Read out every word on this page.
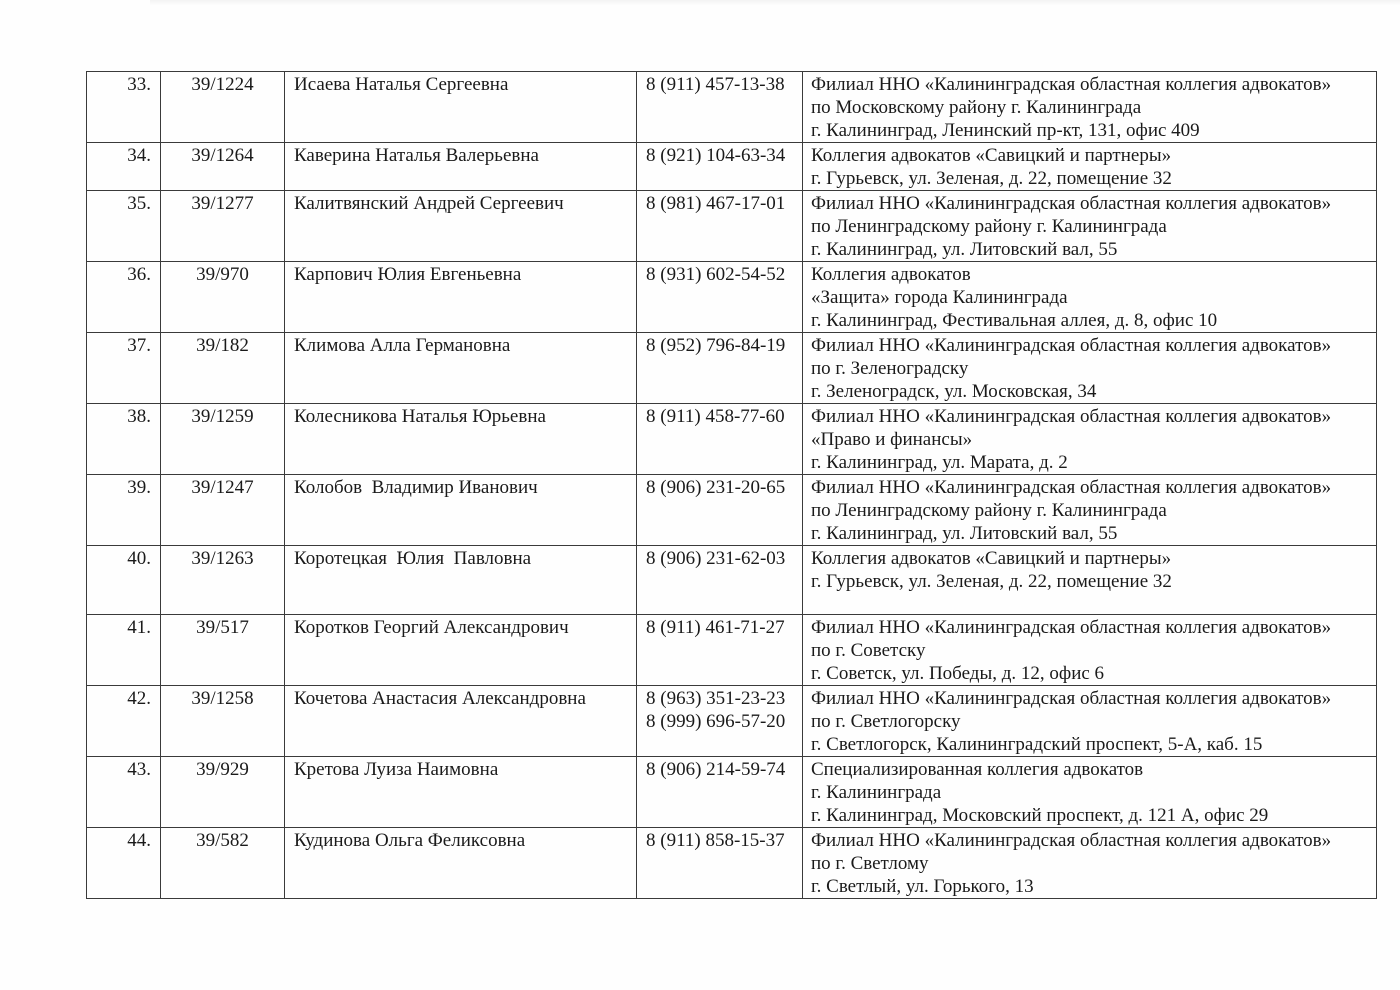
33.	39/1224	Исаева Наталья Сергеевна	8 (911) 457-13-38	Филиал ННО «Калининградская областная коллегия адвокатов»
по Московскому району г. Калининграда
г. Калининград, Ленинский пр-кт, 131, офис 409

34.	39/1264	Каверина Наталья Валерьевна	8 (921) 104-63-34	Коллегия адвокатов «Савицкий и партнеры»
г. Гурьевск, ул. Зеленая, д. 22, помещение 32

35.	39/1277	Калитвянский Андрей Сергеевич	8 (981) 467-17-01	Филиал ННО «Калининградская областная коллегия адвокатов»
по Ленинградскому району г. Калининграда
г. Калининград, ул. Литовский вал, 55

36.	39/970	Карпович Юлия Евгеньевна	8 (931) 602-54-52	Коллегия адвокатов
«Защита» города Калининграда
г. Калининград, Фестивальная аллея, д. 8, офис 10

37.	39/182	Климова Алла Германовна	8 (952) 796-84-19	Филиал ННО «Калининградская областная коллегия адвокатов»
по г. Зеленоградску
г. Зеленоградск, ул. Московская, 34

38.	39/1259	Колесникова Наталья Юрьевна	8 (911) 458-77-60	Филиал ННО «Калининградская областная коллегия адвокатов»
«Право и финансы»
г. Калининград, ул. Марата, д. 2

39.	39/1247	Колобов  Владимир Иванович	8 (906) 231-20-65	Филиал ННО «Калининградская областная коллегия адвокатов»
по Ленинградскому району г. Калининграда
г. Калининград, ул. Литовский вал, 55

40.	39/1263	Коротецкая  Юлия  Павловна	8 (906) 231-62-03	Коллегия адвокатов «Савицкий и партнеры»
г. Гурьевск, ул. Зеленая, д. 22, помещение 32

41.	39/517	Коротков Георгий Александрович	8 (911) 461-71-27	Филиал ННО «Калининградская областная коллегия адвокатов»
по г. Советску
г. Советск, ул. Победы, д. 12, офис 6

42.	39/1258	Кочетова Анастасия Александровна	8 (963) 351-23-23
8 (999) 696-57-20	Филиал ННО «Калининградская областная коллегия адвокатов»
по г. Светлогорску
г. Светлогорск, Калининградский проспект, 5-А, каб. 15

43.	39/929	Кретова Луиза Наимовна	8 (906) 214-59-74	Специализированная коллегия адвокатов
г. Калининграда
г. Калининград, Московский проспект, д. 121 А, офис 29

44.	39/582	Кудинова Ольга Феликсовна	8 (911) 858-15-37	Филиал ННО «Калининградская областная коллегия адвокатов»
по г. Светлому
г. Светлый, ул. Горького, 13
